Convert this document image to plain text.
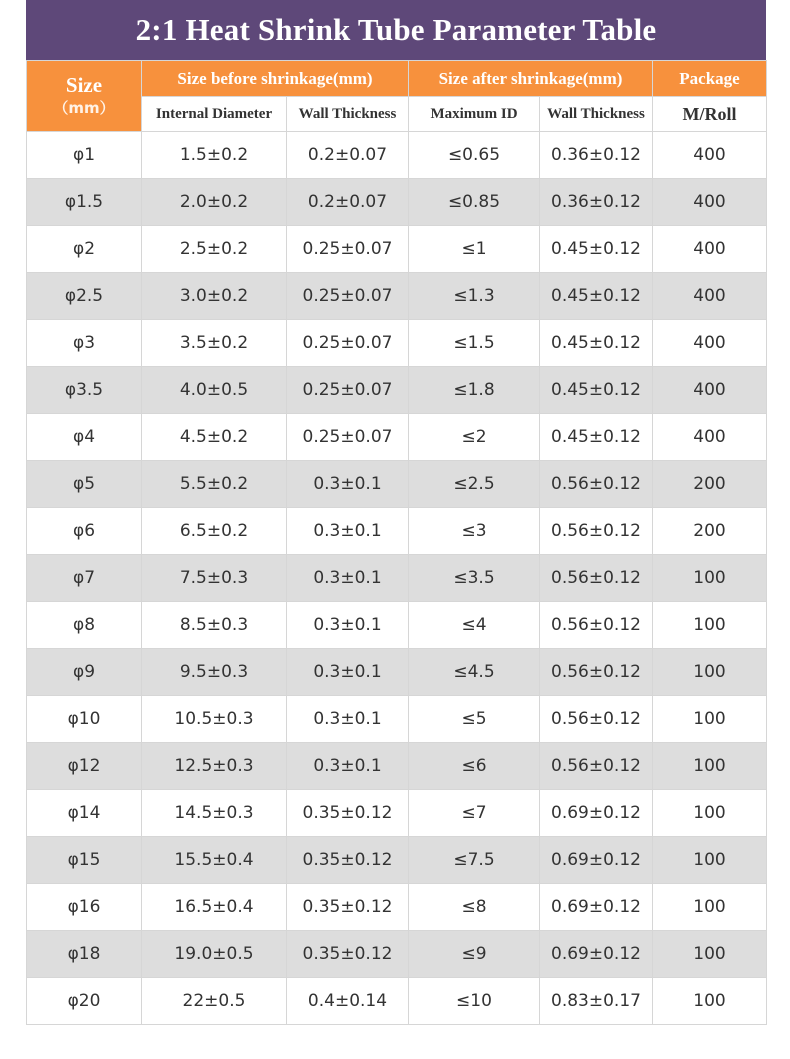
2:1 Heat Shrink Tube Parameter Table
Size
（mm）	Size before shrinkage(mm)		Size after shrinkage(mm)		Package
	Internal Diameter	Wall Thickness	Maximum ID	Wall Thickness	M/Roll
φ1	1.5±0.2	0.2±0.07	≤0.65	0.36±0.12	400
φ1.5	2.0±0.2	0.2±0.07	≤0.85	0.36±0.12	400
φ2	2.5±0.2	0.25±0.07	≤1	0.45±0.12	400
φ2.5	3.0±0.2	0.25±0.07	≤1.3	0.45±0.12	400
φ3	3.5±0.2	0.25±0.07	≤1.5	0.45±0.12	400
φ3.5	4.0±0.5	0.25±0.07	≤1.8	0.45±0.12	400
φ4	4.5±0.2	0.25±0.07	≤2	0.45±0.12	400
φ5	5.5±0.2	0.3±0.1	≤2.5	0.56±0.12	200
φ6	6.5±0.2	0.3±0.1	≤3	0.56±0.12	200
φ7	7.5±0.3	0.3±0.1	≤3.5	0.56±0.12	100
φ8	8.5±0.3	0.3±0.1	≤4	0.56±0.12	100
φ9	9.5±0.3	0.3±0.1	≤4.5	0.56±0.12	100
φ10	10.5±0.3	0.3±0.1	≤5	0.56±0.12	100
φ12	12.5±0.3	0.3±0.1	≤6	0.56±0.12	100
φ14	14.5±0.3	0.35±0.12	≤7	0.69±0.12	100
φ15	15.5±0.4	0.35±0.12	≤7.5	0.69±0.12	100
φ16	16.5±0.4	0.35±0.12	≤8	0.69±0.12	100
φ18	19.0±0.5	0.35±0.12	≤9	0.69±0.12	100
φ20	22±0.5	0.4±0.14	≤10	0.83±0.17	100
